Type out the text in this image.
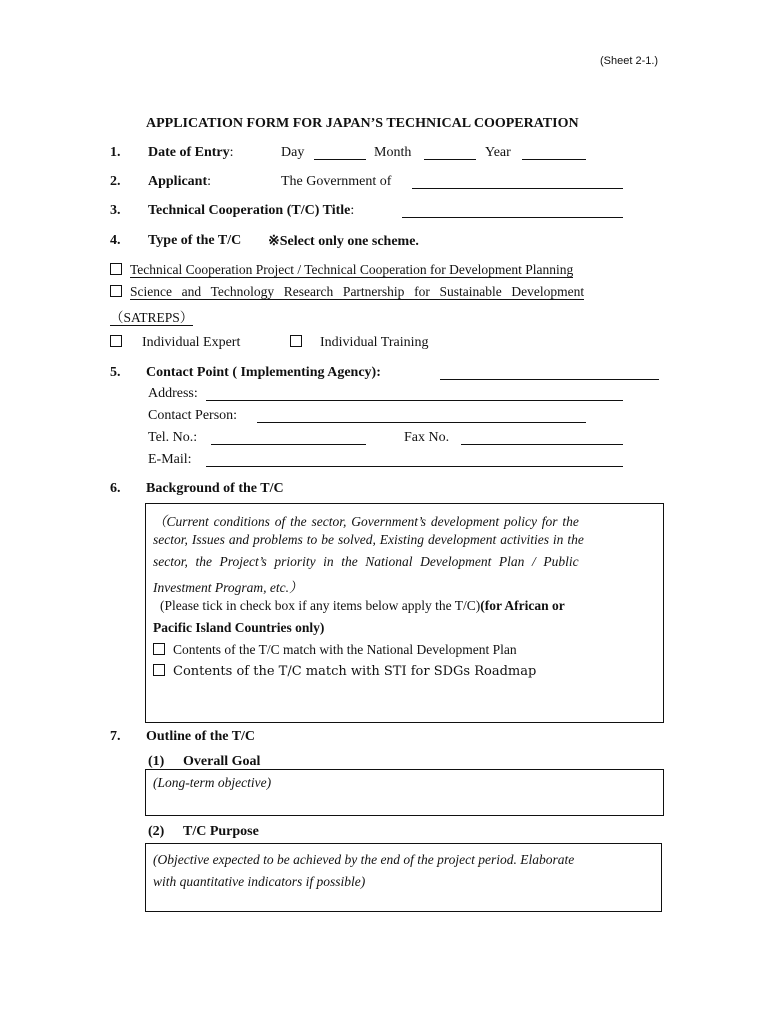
(Sheet 2-1.)
APPLICATION FORM FOR JAPAN’S TECHNICAL COOPERATION
1. Date of Entry:	Day	Month	Year
2. Applicant:	The Government of
3. Technical Cooperation (T/C) Title:
4. Type of the T/C ※Select only one scheme.
Technical Cooperation Project / Technical Cooperation for Development Planning
Science and Technology Research Partnership for Sustainable Development
（SATREPS）
Individual Expert	Individual Training
5. Contact Point ( Implementing Agency):
Address:
Contact Person:
Tel. No.:	Fax No.
E-Mail:
6. Background of the T/C
（Current conditions of the sector, Government’s development policy for the
sector, Issues and problems to be solved, Existing development activities in the
sector, the Project’s priority in the National Development Plan / Public
Investment Program, etc.）
(Please tick in check box if any items below apply the T/C)(for African or
Pacific Island Countries only)
Contents of the T/C match with the National Development Plan
Contents of the T/C match with STI for SDGs Roadmap
7. Outline of the T/C
(1) Overall Goal
(Long-term objective)
(2) T/C Purpose
(Objective expected to be achieved by the end of the project period. Elaborate
with quantitative indicators if possible)
